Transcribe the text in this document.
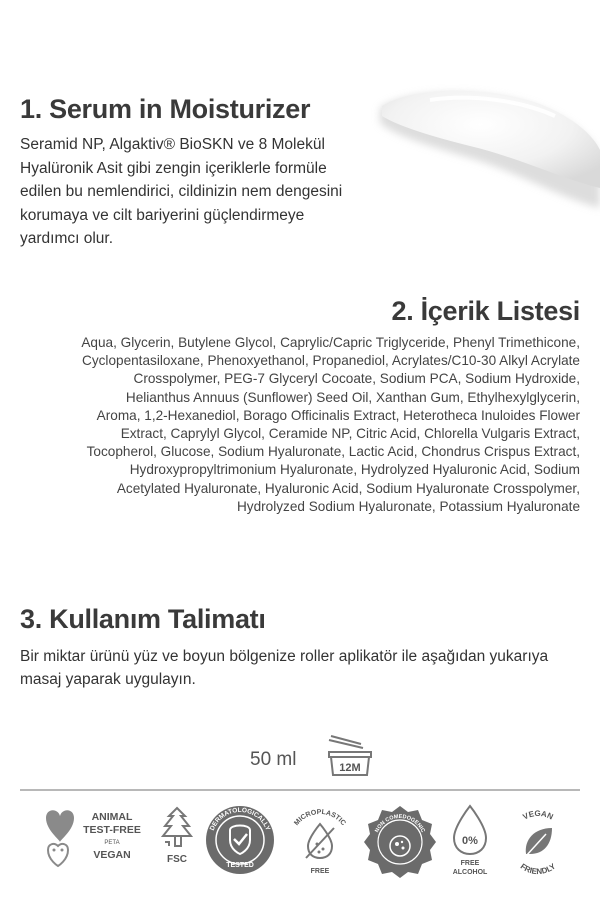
1. Serum in Moisturizer

Seramid NP, Algaktiv® BioSKN ve 8 Molekül Hyalüronik Asit gibi zengin içeriklerle formüle edilen bu nemlendirici, cildinizin nem dengesini korumaya ve cilt bariyerini güçlendirmeye yardımcı olur.

2. İçerik Listesi

Aqua, Glycerin, Butylene Glycol, Caprylic/Capric Triglyceride, Phenyl Trimethicone, Cyclopentasiloxane, Phenoxyethanol, Propanediol, Acrylates/C10-30 Alkyl Acrylate Crosspolymer, PEG-7 Glyceryl Cocoate, Sodium PCA, Sodium Hydroxide, Helianthus Annuus (Sunflower) Seed Oil, Xanthan Gum, Ethylhexylglycerin, Aroma, 1,2-Hexanediol, Borago Officinalis Extract, Heterotheca Inuloides Flower Extract, Caprylyl Glycol, Ceramide NP, Citric Acid, Chlorella Vulgaris Extract, Tocopherol, Glucose, Sodium Hyaluronate, Lactic Acid, Chondrus Crispus Extract, Hydroxypropyltrimonium Hyaluronate, Hydrolyzed Hyaluronic Acid, Sodium Acetylated Hyaluronate, Hyaluronic Acid, Sodium Hyaluronate Crosspolymer, Hydrolyzed Sodium Hyaluronate, Potassium Hyaluronate

3. Kullanım Talimatı

Bir miktar ürünü yüz ve boyun bölgenize roller aplikatör ile aşağıdan yukarıya masaj yaparak uygulayın.

50 ml	12M
ANIMAL
TEST-FREE
PETA
VEGAN	FSC
DERMATOLOGICALLY
TESTED
MICROPLASTIC
FREE
NON COMEDOGENIC
0%
FREE
ALCOHOL
VEGAN
FRIENDLY
